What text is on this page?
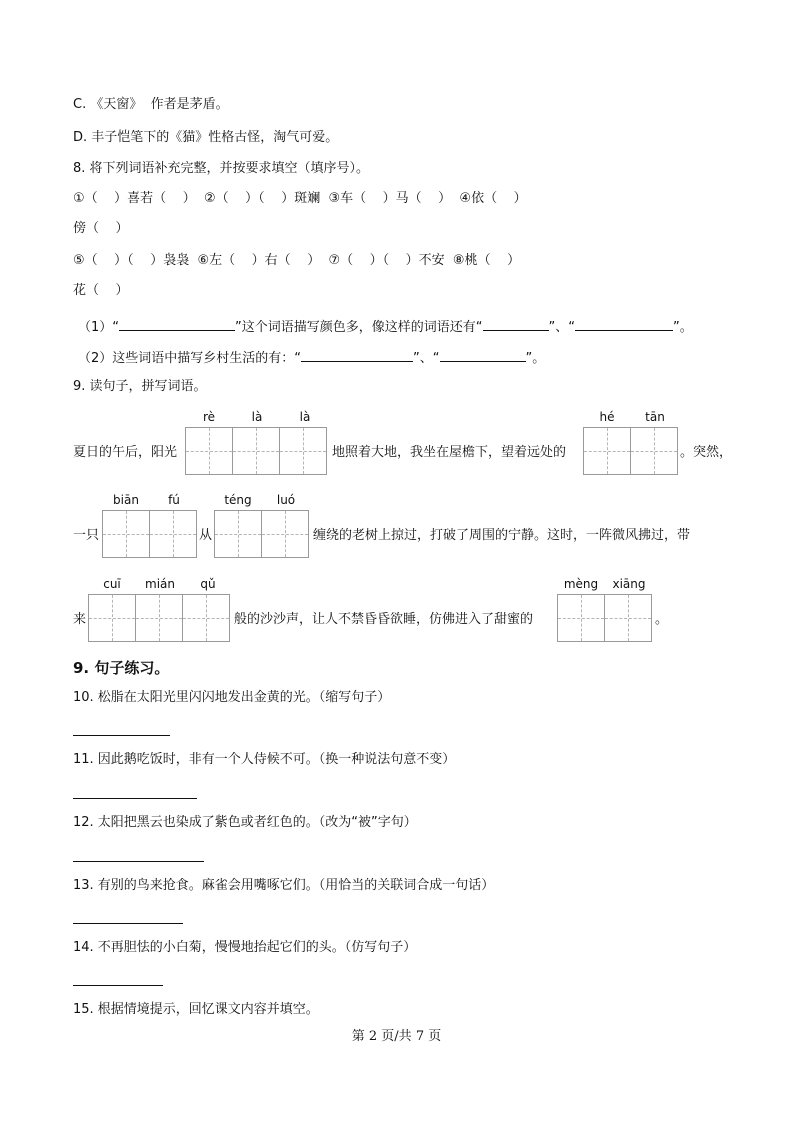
C. 《天窗》  作者是茅盾。
D. 丰子恺笔下的《猫》性格古怪，淘气可爱。
8. 将下列词语补充完整，并按要求填空（填序号）。
①（    ）喜若（    ）  ②（    ）（    ）斑斓  ③车（    ）马（    ）  ④依（    ）
傍（    ）
⑤（    ）（    ）袅袅  ⑥左（    ）右（    ）  ⑦（    ）（    ）不安  ⑧桃（    ）
花（    ）
（1）“	”这个词语描写颜色多，像这样的词语还有“	”、“	”。
（2）这些词语中描写乡村生活的有：“	”、“	”。
9. 读句子，拼写词语。
rè	là	là	hé	tān
夏日的午后，阳光	地照着大地，我坐在屋檐下，望着远处的	。突然，
biān	fú	téng	luó
一只	从	缠绕的老树上掠过，打破了周围的宁静。这时，一阵微风拂过，带
cuī	mián	qǔ	mèng	xiāng
来	般的沙沙声，让人不禁昏昏欲睡，仿佛进入了甜蜜的	。
9. 句子练习。
10. 松脂在太阳光里闪闪地发出金黄的光。（缩写句子）
11. 因此鹅吃饭时，非有一个人侍候不可。（换一种说法句意不变）
12. 太阳把黑云也染成了紫色或者红色的。（改为“被”字句）
13. 有别的鸟来抢食。麻雀会用嘴啄它们。（用恰当的关联词合成一句话）
14. 不再胆怯的小白菊，慢慢地抬起它们的头。（仿写句子）
15. 根据情境提示，回忆课文内容并填空。
第 2 页/共 7 页
